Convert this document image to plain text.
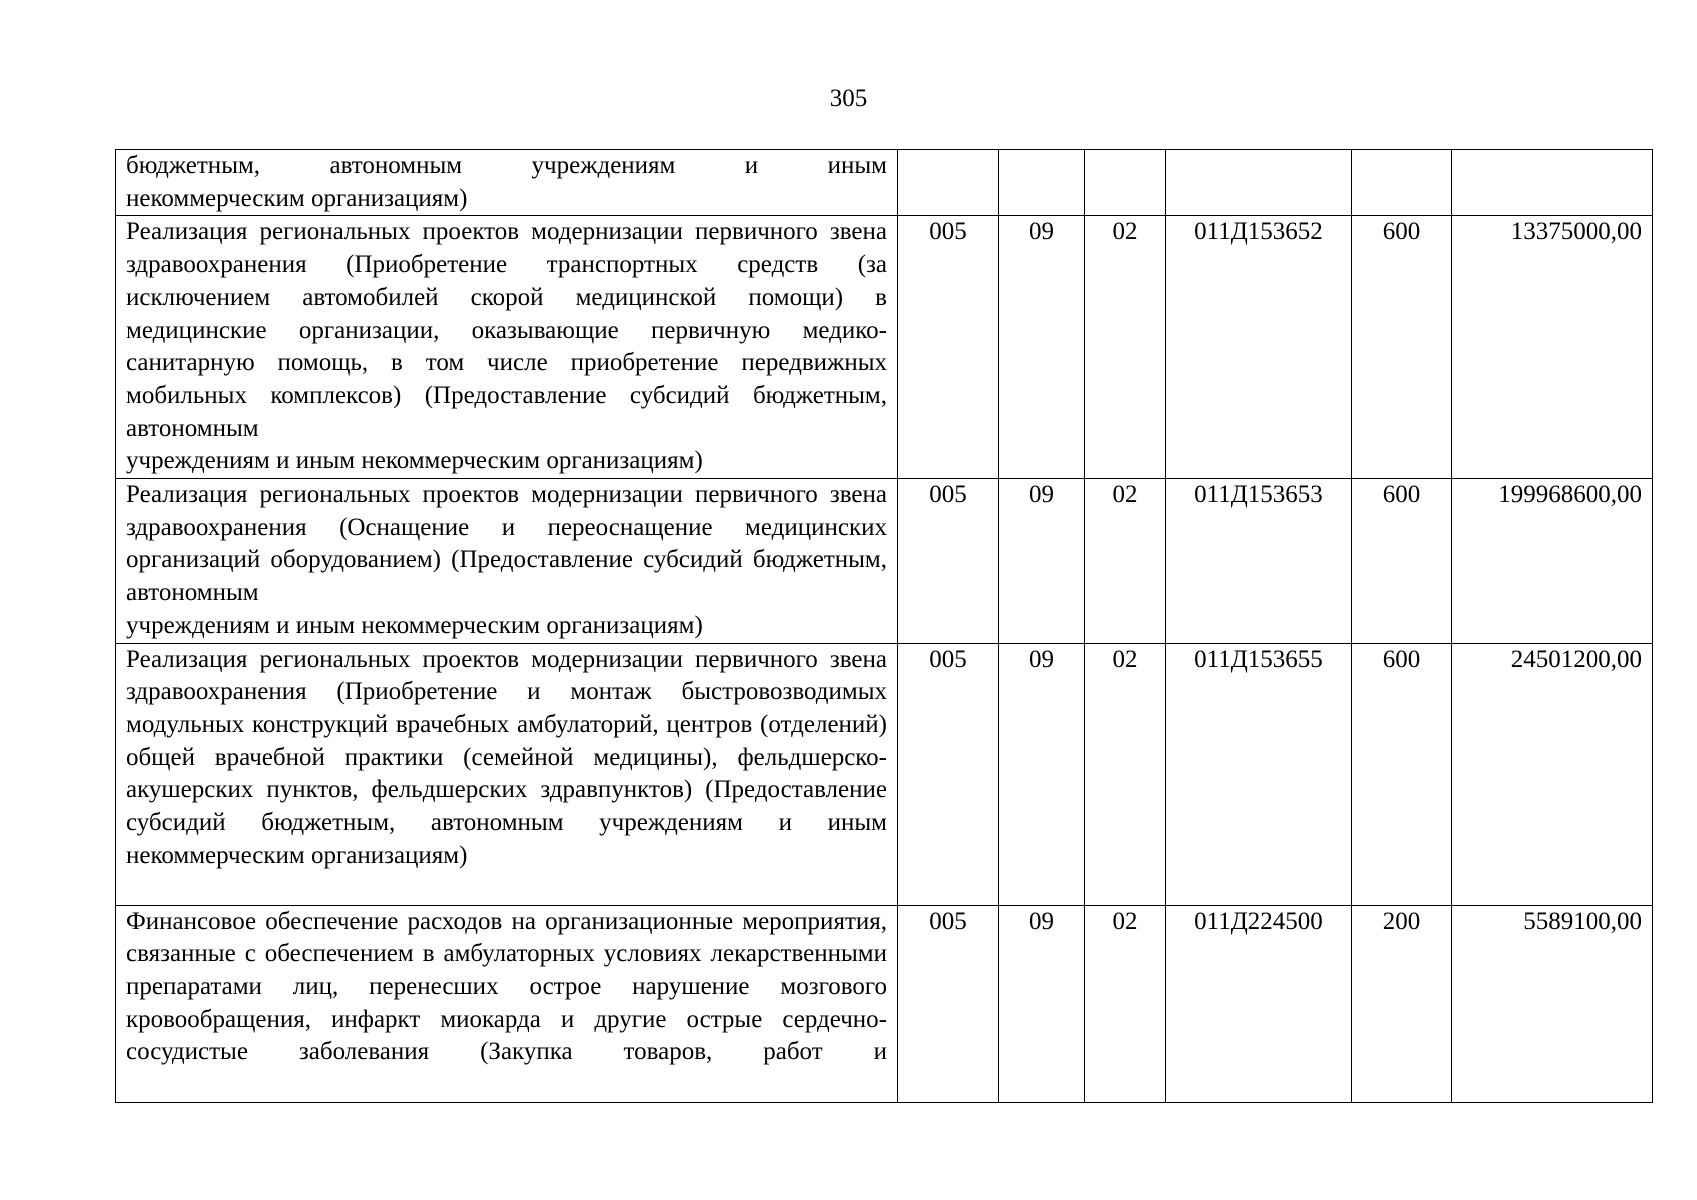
305
бюджетным, автономным учреждениям и иным
некоммерческим организациям)						

Реализация региональных проектов модернизации первичного звена здравоохранения (Приобретение транспортных средств (за исключением автомобилей скорой медицинской помощи) в медицинские организации, оказывающие первичную медико-санитарную помощь, в том числе приобретение передвижных мобильных комплексов) (Предоставление субсидий бюджетным, автономным
учреждениям и иным некоммерческим организациям)	005	09	02	011Д153652	600	13375000,00
Реализация региональных проектов модернизации первичного звена здравоохранения (Оснащение и переоснащение медицинских организаций оборудованием) (Предоставление субсидий бюджетным, автономным
учреждениям и иным некоммерческим организациям)	005	09	02	011Д153653	600	199968600,00
Реализация региональных проектов модернизации первичного звена здравоохранения (Приобретение и монтаж быстровозводимых модульных конструкций врачебных амбулаторий, центров (отделений) общей врачебной практики (семейной медицины), фельдшерско-акушерских пунктов, фельдшерских здравпунктов) (Предоставление субсидий бюджетным, автономным учреждениям и иным
некоммерческим организациям)	005	09	02	011Д153655	600	24501200,00
Финансовое обеспечение расходов на организационные мероприятия, связанные с обеспечением в амбулаторных условиях лекарственными препаратами лиц, перенесших острое нарушение мозгового кровообращения, инфаркт миокарда и другие острые сердечно-сосудистые заболевания (Закупка товаров, работ и	005	09	02	011Д224500	200	5589100,00
